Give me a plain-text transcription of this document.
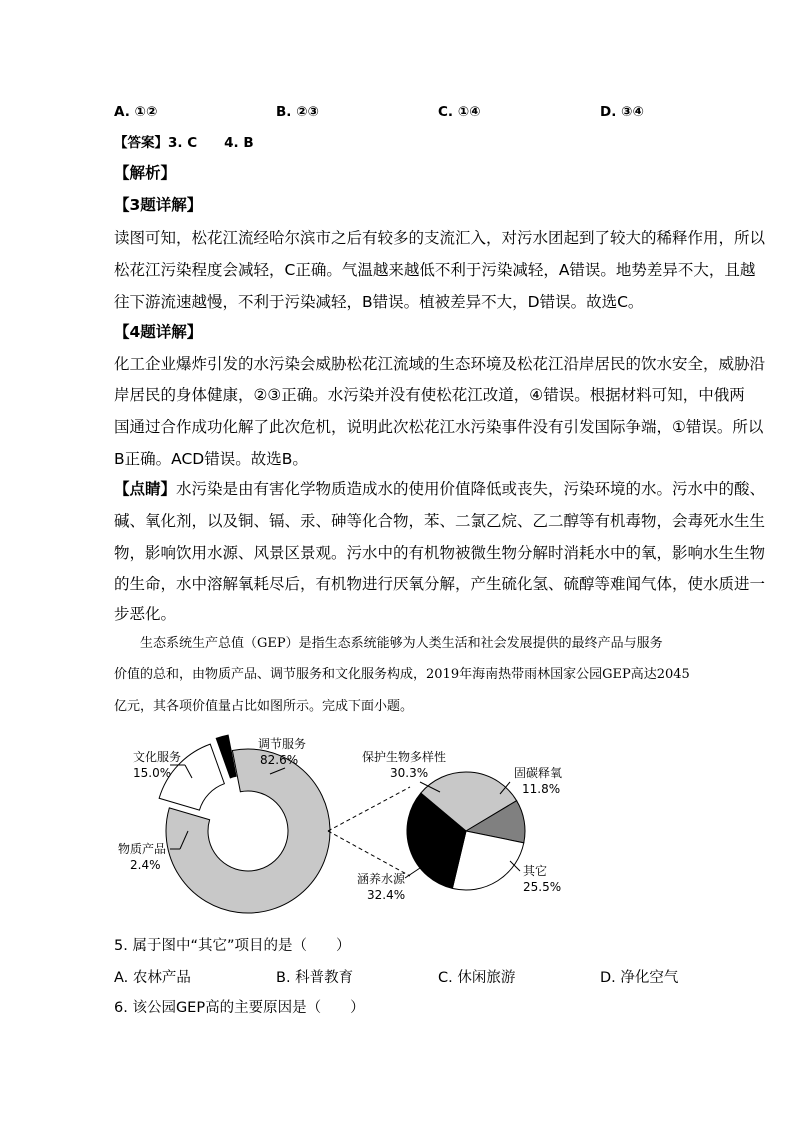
A. ①②	B. ②③	C. ①④	D. ③④
【答案】3. C　　4. B
【解析】
【3题详解】
读图可知，松花江流经哈尔滨市之后有较多的支流汇入，对污水团起到了较大的稀释作用，所以
松花江污染程度会减轻，C正确。气温越来越低不利于污染减轻，A错误。地势差异不大，且越
往下游流速越慢，不利于污染减轻，B错误。植被差异不大，D错误。故选C。
【4题详解】
化工企业爆炸引发的水污染会威胁松花江流域的生态环境及松花江沿岸居民的饮水安全，威胁沿
岸居民的身体健康，②③正确。水污染并没有使松花江改道，④错误。根据材料可知，中俄两
国通过合作成功化解了此次危机，说明此次松花江水污染事件没有引发国际争端，①错误。所以
B正确。ACD错误。故选B。
【点睛】水污染是由有害化学物质造成水的使用价值降低或丧失，污染环境的水。污水中的酸、
碱、氧化剂，以及铜、镉、汞、砷等化合物，苯、二氯乙烷、乙二醇等有机毒物，会毒死水生生
物，影响饮用水源、风景区景观。污水中的有机物被微生物分解时消耗水中的氧，影响水生生物
的生命，水中溶解氧耗尽后，有机物进行厌氧分解，产生硫化氢、硫醇等难闻气体，使水质进一
步恶化。
　　生态系统生产总值（GEP）是指生态系统能够为人类生活和社会发展提供的最终产品与服务
价值的总和，由物质产品、调节服务和文化服务构成，2019年海南热带雨林国家公园GEP高达2045
亿元，其各项价值量占比如图所示。完成下面小题。
调节服务
82.6%
文化服务
15.0%
物质产品
2.4%
保护生物多样性
30.3%	固碳释氧
11.8%
其它
25.5%
涵养水源
32.4%
5. 属于图中“其它”项目的是（　　）
A. 农林产品	B. 科普教育	C. 休闲旅游	D. 净化空气
6. 该公园GEP高的主要原因是（　　）
